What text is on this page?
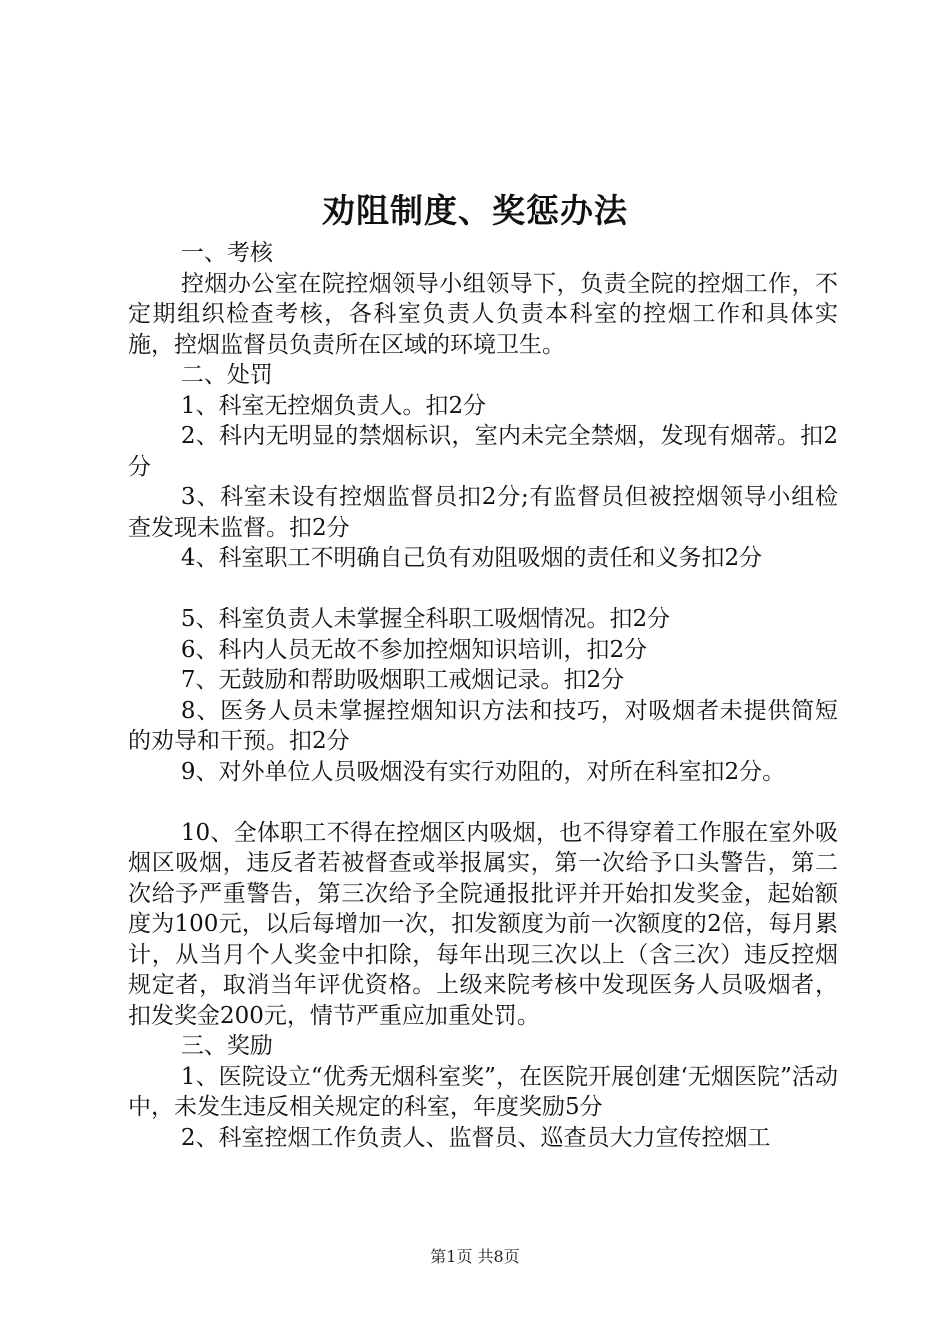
劝阻制度、奖惩办法

一、考核

控烟办公室在院控烟领导小组领导下，负责全院的控烟工作，不定期组织检查考核，各科室负责人负责本科室的控烟工作和具体实施，控烟监督员负责所在区域的环境卫生。

二、处罚

1、科室无控烟负责人。扣2分

2、科内无明显的禁烟标识，室内未完全禁烟，发现有烟蒂。扣2分

3、科室未设有控烟监督员扣2分;有监督员但被控烟领导小组检查发现未监督。扣2分

4、科室职工不明确自己负有劝阻吸烟的责任和义务扣2分

5、科室负责人未掌握全科职工吸烟情况。扣2分

6、科内人员无故不参加控烟知识培训，扣2分

7、无鼓励和帮助吸烟职工戒烟记录。扣2分

8、医务人员未掌握控烟知识方法和技巧，对吸烟者未提供简短的劝导和干预。扣2分

9、对外单位人员吸烟没有实行劝阻的，对所在科室扣2分。

10、全体职工不得在控烟区内吸烟，也不得穿着工作服在室外吸烟区吸烟，违反者若被督查或举报属实，第一次给予口头警告，第二次给予严重警告，第三次给予全院通报批评并开始扣发奖金，起始额度为100元，以后每增加一次，扣发额度为前一次额度的2倍，每月累计，从当月个人奖金中扣除，每年出现三次以上（含三次）违反控烟规定者，取消当年评优资格。上级来院考核中发现医务人员吸烟者，扣发奖金200元，情节严重应加重处罚。

三、奖励

1、医院设立“优秀无烟科室奖”，在医院开展创建‘无烟医院”活动中，未发生违反相关规定的科室，年度奖励5分

2、科室控烟工作负责人、监督员、巡查员大力宣传控烟工

第1页 共8页
